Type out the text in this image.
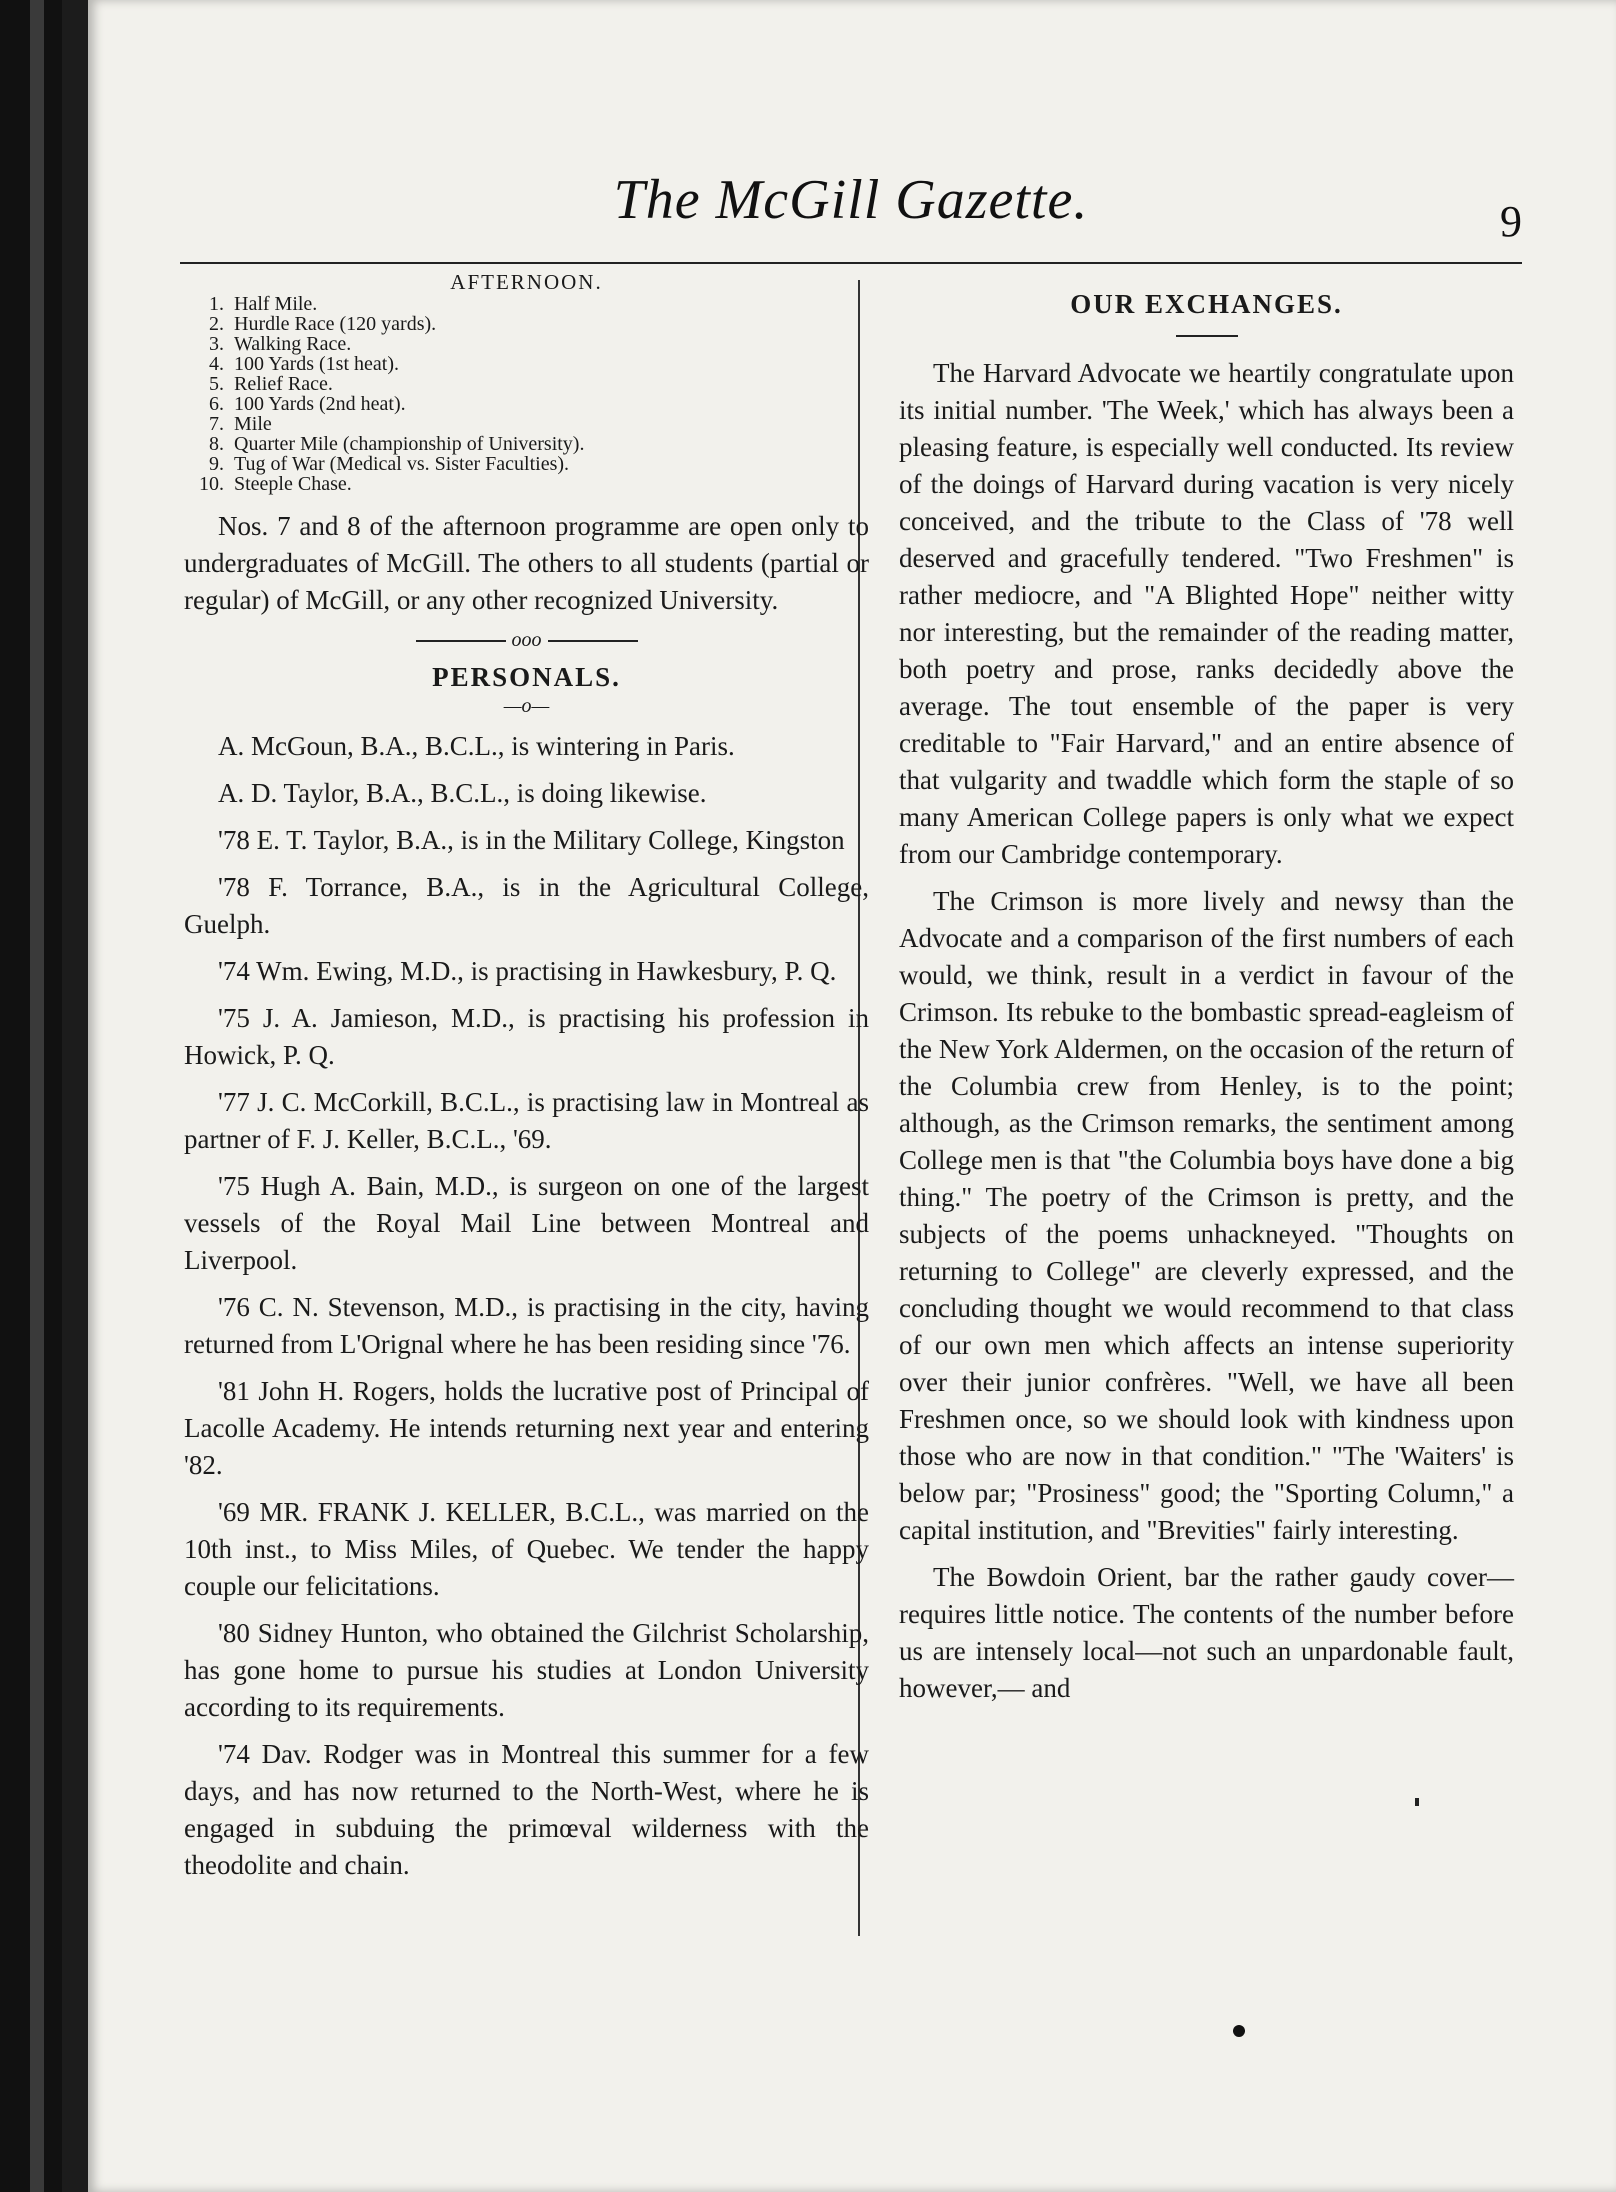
The McGill Gazette.	9
AFTERNOON.
1. Half Mile.
2. Hurdle Race (120 yards).
3. Walking Race.
4. 100 Yards (1st heat).
5. Relief Race.
6. 100 Yards (2nd heat).
7. Mile
8. Quarter Mile (championship of University).
9. Tug of War (Medical vs. Sister Faculties).
10. Steeple Chase.

Nos. 7 and 8 of the afternoon programme are open only to undergraduates of McGill. The others to all students (partial or regular) of McGill, or any other recognized University.

ooo
PERSONALS.
—o—

A. McGoun, B.A., B.C.L., is wintering in Paris.

A. D. Taylor, B.A., B.C.L., is doing likewise.

'78 E. T. Taylor, B.A., is in the Military College, Kingston

'78 F. Torrance, B.A., is in the Agricultural College, Guelph.

'74 Wm. Ewing, M.D., is practising in Hawkesbury, P. Q.

'75 J. A. Jamieson, M.D., is practising his profession in Howick, P. Q.

'77 J. C. McCorkill, B.C.L., is practising law in Montreal as partner of F. J. Keller, B.C.L., '69.

'75 Hugh A. Bain, M.D., is surgeon on one of the largest vessels of the Royal Mail Line between Montreal and Liverpool.

'76 C. N. Stevenson, M.D., is practising in the city, having returned from L'Orignal where he has been residing since '76.

'81 John H. Rogers, holds the lucrative post of Principal of Lacolle Academy. He intends returning next year and entering '82.

'69 MR. FRANK J. KELLER, B.C.L., was married on the 10th inst., to Miss Miles, of Quebec. We tender the happy couple our felicitations.

'80 Sidney Hunton, who obtained the Gilchrist Scholarship, has gone home to pursue his studies at London University according to its requirements.

'74 Dav. Rodger was in Montreal this summer for a few days, and has now returned to the North-West, where he is engaged in subduing the primœval wilderness with the theodolite and chain.

OUR EXCHANGES.

The Harvard Advocate we heartily congratulate upon its initial number. 'The Week,' which has always been a pleasing feature, is especially well conducted. Its review of the doings of Harvard during vacation is very nicely conceived, and the tribute to the Class of '78 well deserved and gracefully tendered. "Two Freshmen" is rather mediocre, and "A Blighted Hope" neither witty nor interesting, but the remainder of the reading matter, both poetry and prose, ranks decidedly above the average. The tout ensemble of the paper is very creditable to "Fair Harvard," and an entire absence of that vulgarity and twaddle which form the staple of so many American College papers is only what we expect from our Cambridge contemporary.

The Crimson is more lively and newsy than the Advocate and a comparison of the first numbers of each would, we think, result in a verdict in favour of the Crimson. Its rebuke to the bombastic spread-eagleism of the New York Aldermen, on the occasion of the return of the Columbia crew from Henley, is to the point; although, as the Crimson remarks, the sentiment among College men is that "the Columbia boys have done a big thing." The poetry of the Crimson is pretty, and the subjects of the poems unhackneyed. "Thoughts on returning to College" are cleverly expressed, and the concluding thought we would recommend to that class of our own men which affects an intense superiority over their junior confrères. "Well, we have all been Freshmen once, so we should look with kindness upon those who are now in that condition." "The 'Waiters' is below par; "Prosiness" good; the "Sporting Column," a capital institution, and "Brevities" fairly interesting.

The Bowdoin Orient, bar the rather gaudy cover—requires little notice. The contents of the number before us are intensely local—not such an unpardonable fault, however,— and
